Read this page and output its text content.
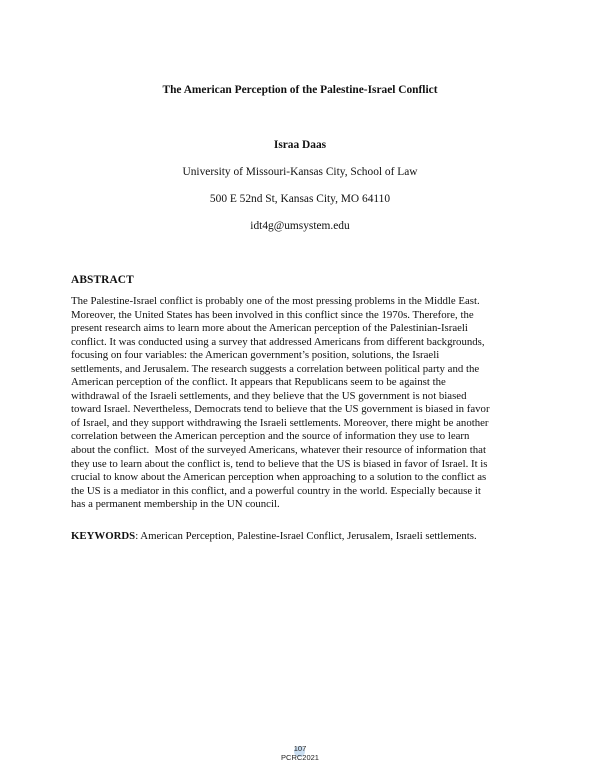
The American Perception of the Palestine-Israel Conflict
Israa Daas
University of Missouri-Kansas City, School of Law
500 E 52nd St, Kansas City, MO 64110
idt4g@umsystem.edu
ABSTRACT
The Palestine-Israel conflict is probably one of the most pressing problems in the Middle East.
Moreover, the United States has been involved in this conflict since the 1970s. Therefore, the
present research aims to learn more about the American perception of the Palestinian-Israeli
conflict. It was conducted using a survey that addressed Americans from different backgrounds,
focusing on four variables: the American government’s position, solutions, the Israeli
settlements, and Jerusalem. The research suggests a correlation between political party and the
American perception of the conflict. It appears that Republicans seem to be against the
withdrawal of the Israeli settlements, and they believe that the US government is not biased
toward Israel. Nevertheless, Democrats tend to believe that the US government is biased in favor
of Israel, and they support withdrawing the Israeli settlements. Moreover, there might be another
correlation between the American perception and the source of information they use to learn
about the conflict.  Most of the surveyed Americans, whatever their resource of information that
they use to learn about the conflict is, tend to believe that the US is biased in favor of Israel. It is
crucial to know about the American perception when approaching to a solution to the conflict as
the US is a mediator in this conflict, and a powerful country in the world. Especially because it
has a permanent membership in the UN council.
KEYWORDS: American Perception, Palestine-Israel Conflict, Jerusalem, Israeli settlements.
107
PCRC2021
